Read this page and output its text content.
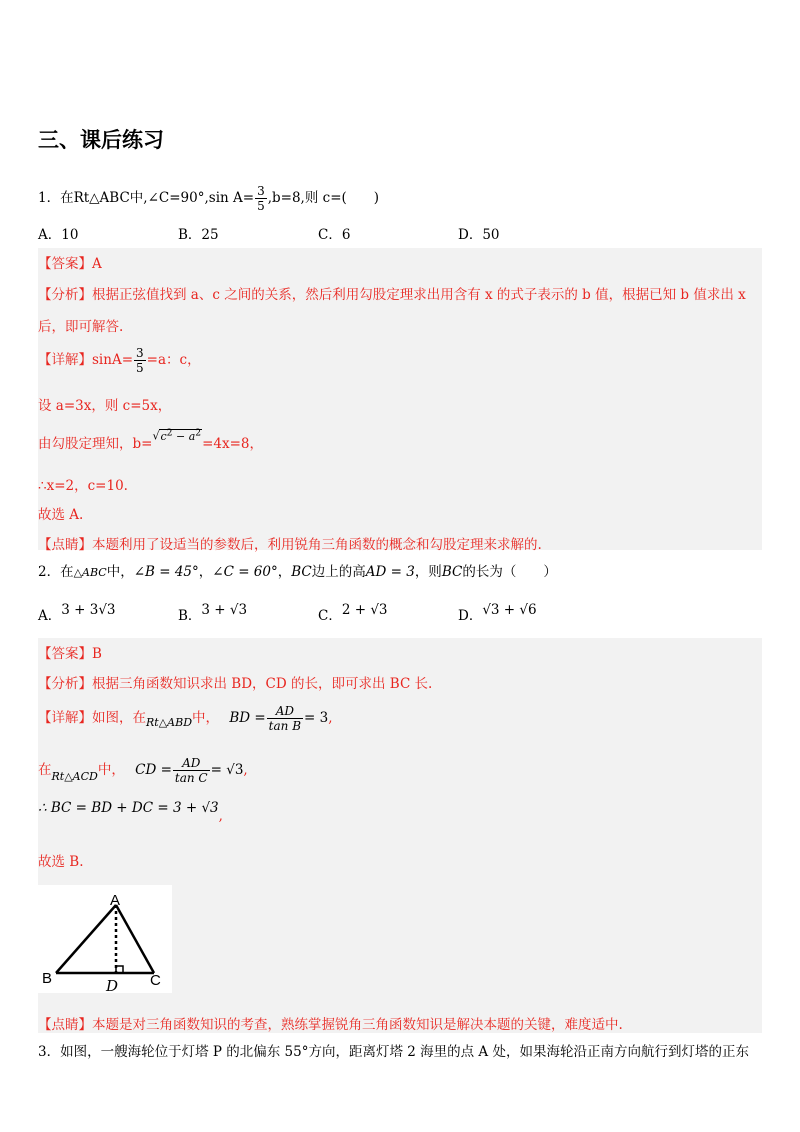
三、课后练习
1．在Rt△ABC中,∠C=90°,sin $A= \frac{3}{5} ,b=8$,则 c=(　　)
A．10	B．25	C．6	D．50
【答案】A
【分析】根据正弦值找到 a、c 之间的关系，然后利用勾股定理求出用含有 x 的式子表示的 b 值，根据已知 b 值求出 x
后，即可解答.
【详解】$\sin A= \frac{3}{5} =a$：c，
设 a=3x，则 c=5x，
由勾股定理知，b=$^{√c^2 - a^2}$=4x=8，
∴x=2，c=10.
故选 A.
【点睛】本题利用了设适当的参数后，利用锐角三角函数的概念和勾股定理来求解的.
2．在△ABC中，∠B = 45°，∠C = 60°，BC边上的高AD = 3，则BC的长为（　　）
A．3 + 3√3	B．3 + √3	C．2 + √3	D．√3 + √6
【答案】B
【分析】根据三角函数知识求出 BD，CD 的长，即可求出 BC 长.
【详解】如图，在$_{Rt\triangle ABD}$中， BD = $\frac{AD}{\text{tan B}} = 3$,
在$_{Rt\triangle ACD}$中， CD = $\frac{AD}{\text{tan C}} = √3$,
∴ BC = BD + DC = 3 + √3,
故选 B.
A
B	C
D
【点睛】本题是对三角函数知识的考查，熟练掌握锐角三角函数知识是解决本题的关键，难度适中.
3．如图，一艘海轮位于灯塔 P 的北偏东 55°方向，距离灯塔 2 海里的点 A 处，如果海轮沿正南方向航行到灯塔的正东
